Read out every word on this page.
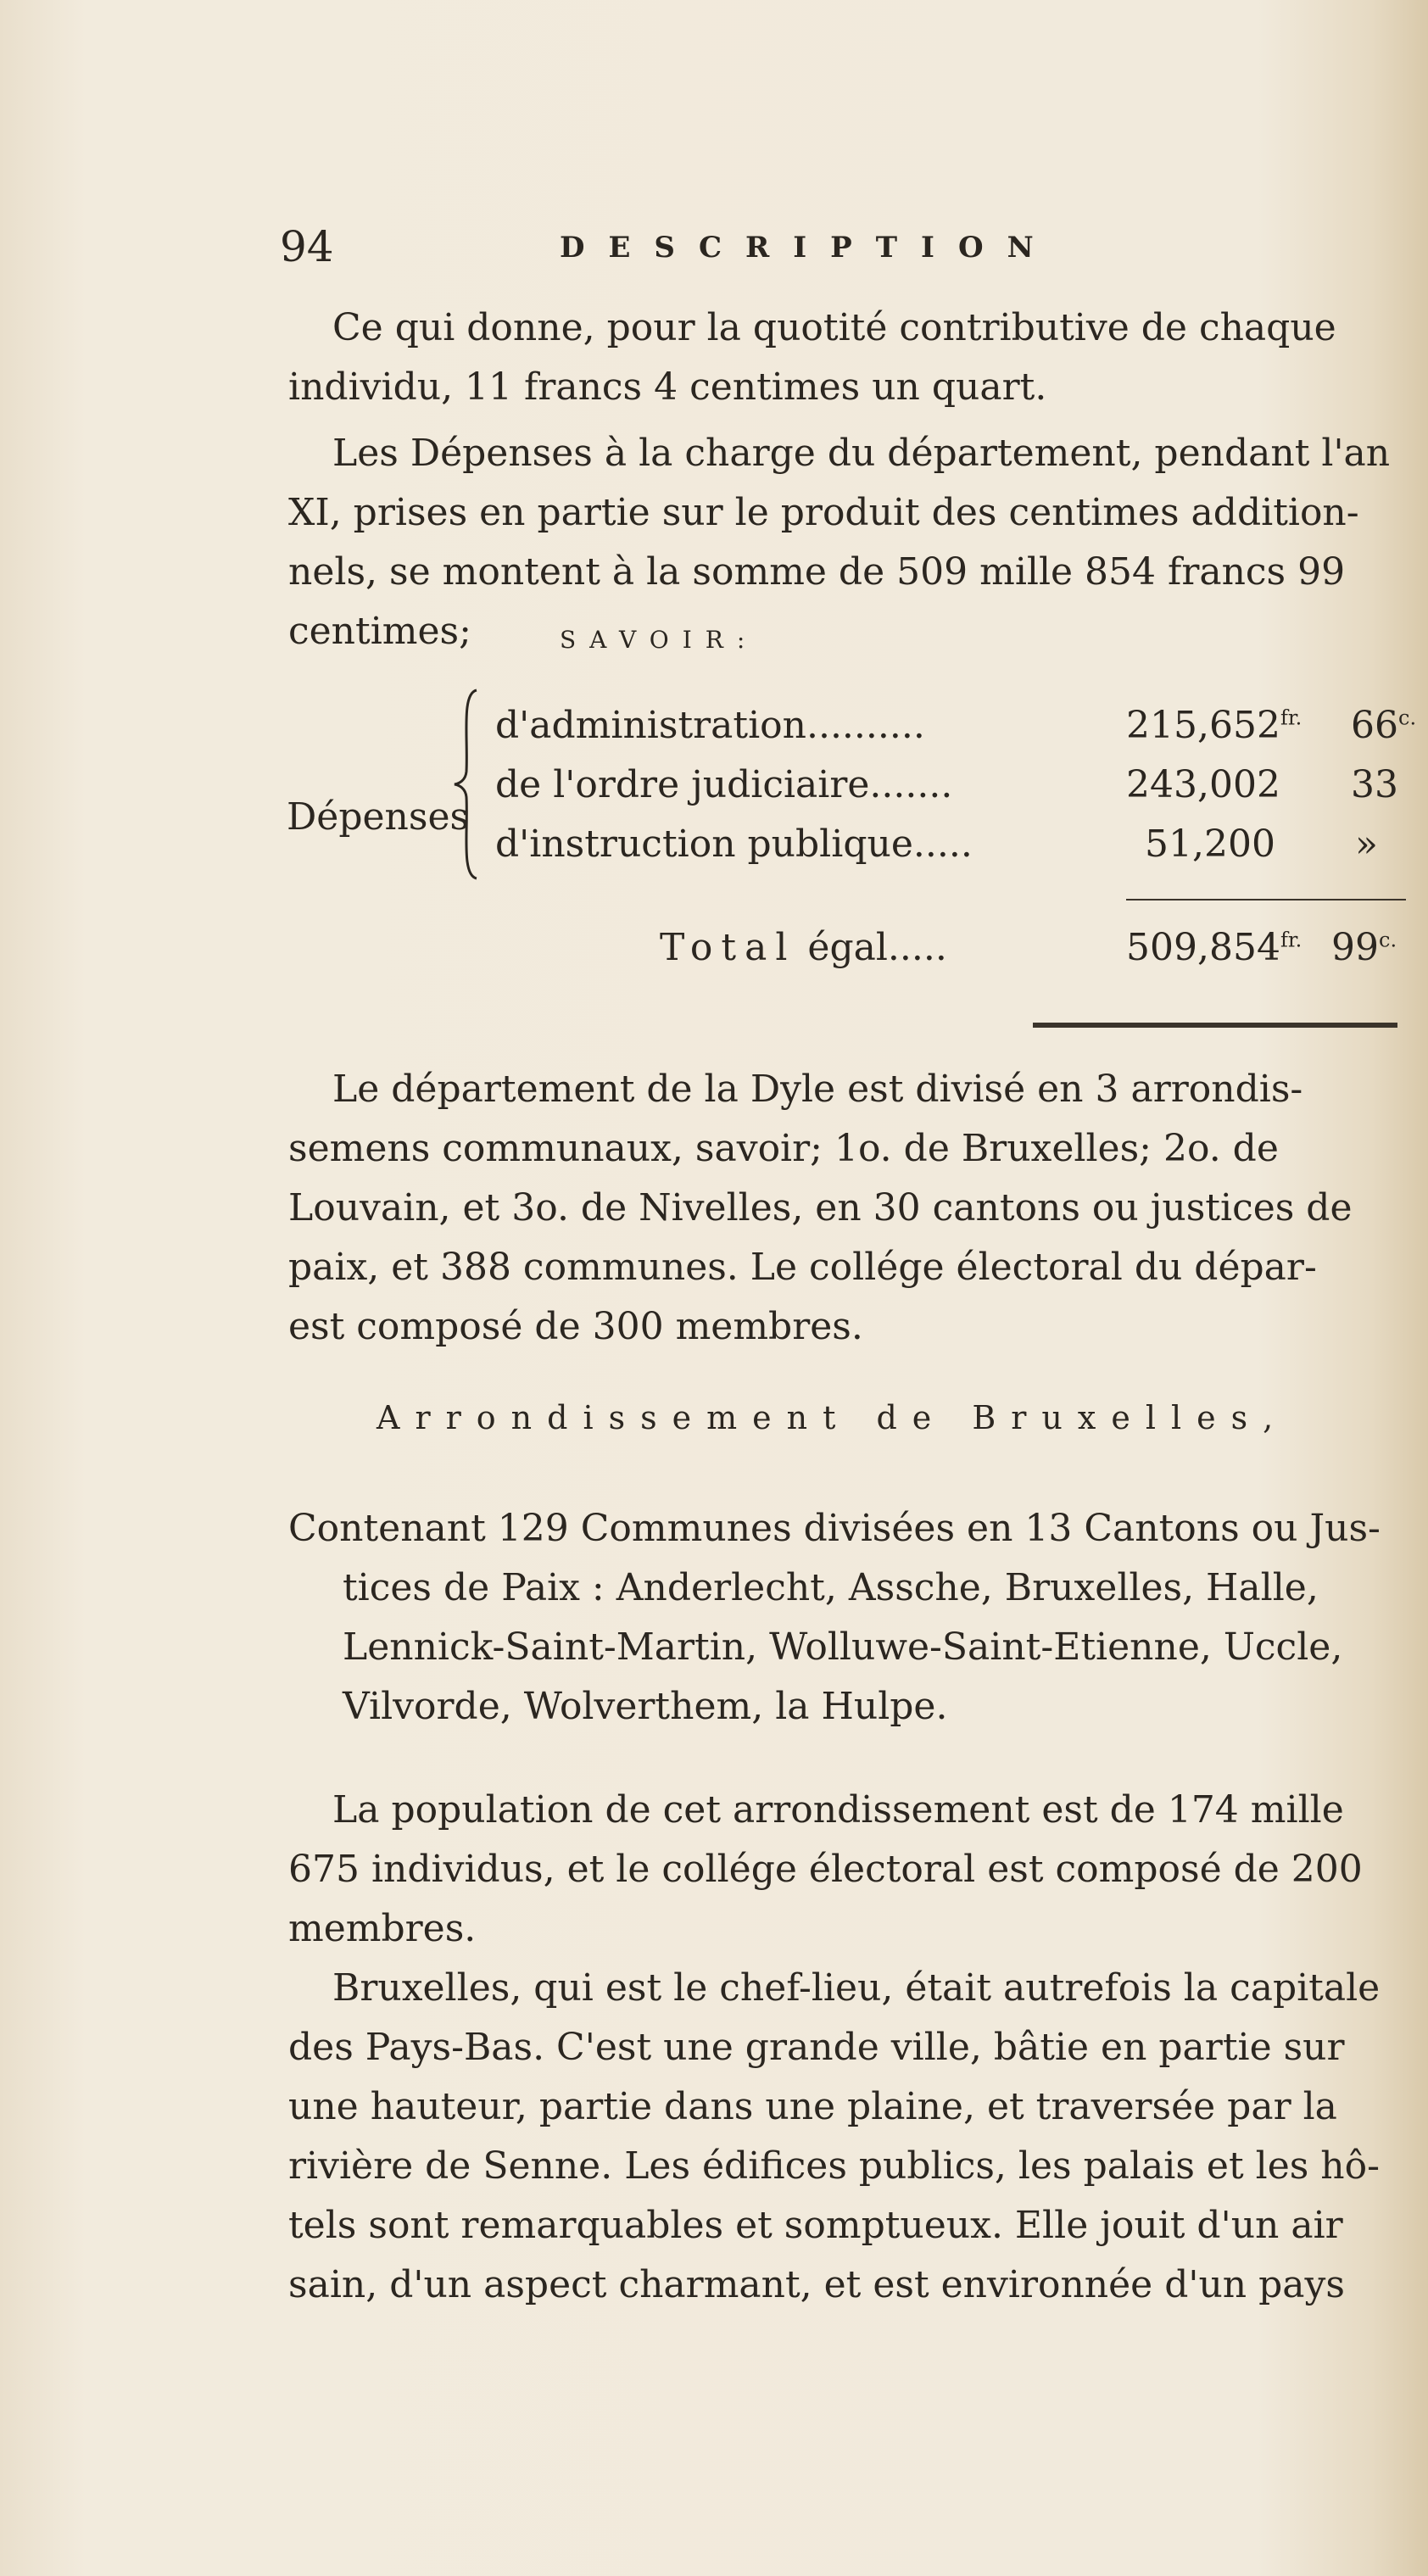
94	DESCRIPTION
Ce qui donne, pour la quotité contributive de chaque
individu, 11 francs 4 centimes un quart.
Les Dépenses à la charge du département, pendant l'an
XI, prises en partie sur le produit des centimes addition-
nels, se montent à la somme de 509 mille 854 francs 99
centimes;	SAVOIR:
Dépenses
d'administration..........	$215,652^{fr.}$ $66^{c.}$
de l'ordre judiciaire.......	243,002 33
d'instruction publique.....	51,200 »
Total égal.....	$509,854^{fr.}$ $99^{c.}$
Le département de la Dyle est divisé en 3 arrondis-
semens communaux, savoir; 1o. de Bruxelles; 2o. de
Louvain, et 3o. de Nivelles, en 30 cantons ou justices de
paix, et 388 communes. Le collége électoral du dépar-
est composé de 300 membres.
Arrondissement de Bruxelles,
Contenant 129 Communes divisées en 13 Cantons ou Jus-
tices de Paix : Anderlecht, Assche, Bruxelles, Halle,
Lennick-Saint-Martin, Wolluwe-Saint-Etienne, Uccle,
Vilvorde, Wolverthem, la Hulpe.
La population de cet arrondissement est de 174 mille
675 individus, et le collége électoral est composé de 200
membres.
Bruxelles, qui est le chef-lieu, était autrefois la capitale
des Pays-Bas. C'est une grande ville, bâtie en partie sur
une hauteur, partie dans une plaine, et traversée par la
rivière de Senne. Les édifices publics, les palais et les hô-
tels sont remarquables et somptueux. Elle jouit d'un air
sain, d'un aspect charmant, et est environnée d'un pays
